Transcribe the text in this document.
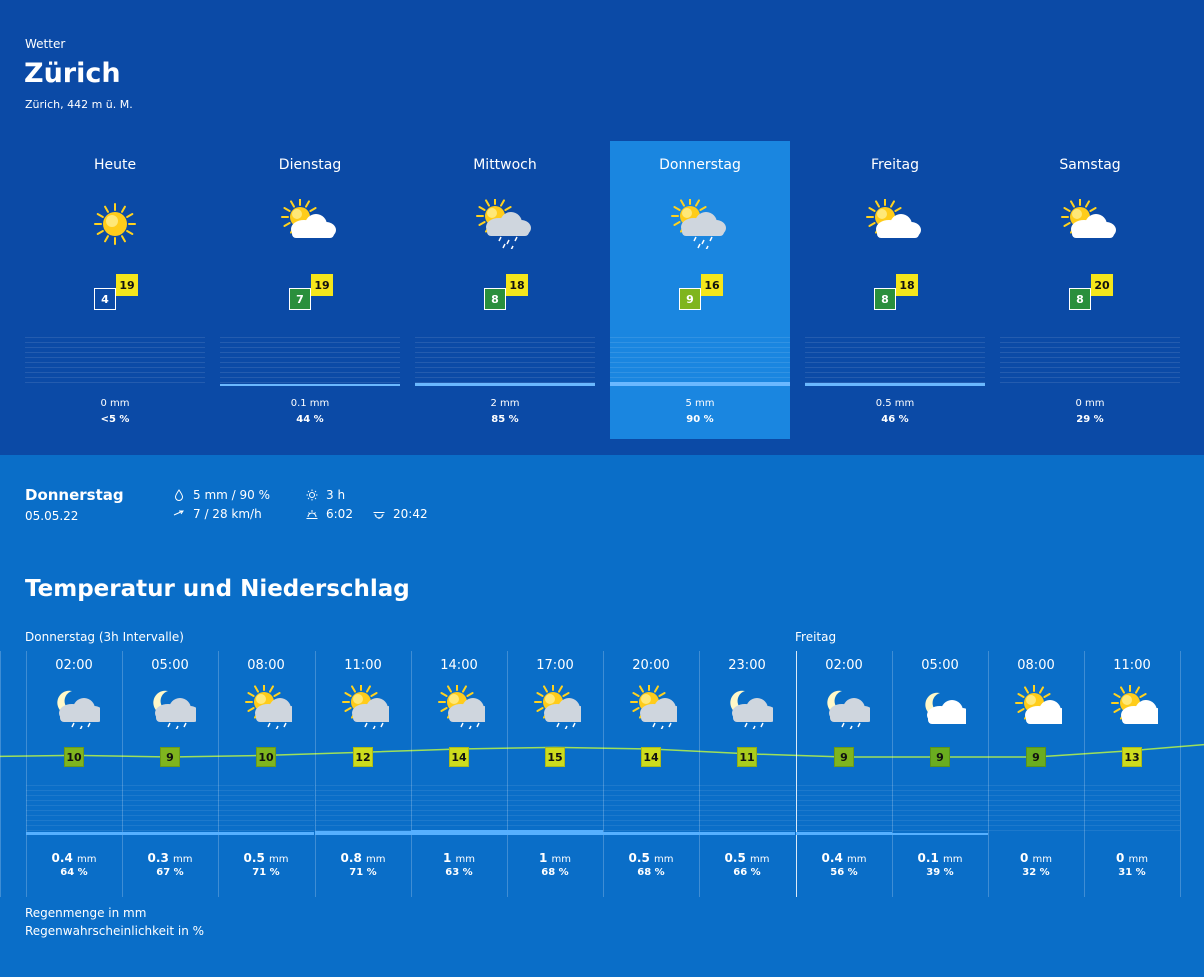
Wetter
Zürich
Zürich, 442 m ü. M.
Heute
19
4
0 mm
<5 %
Dienstag
19
7
0.1 mm
44 %
Mittwoch
18
8
2 mm
85 %
Donnerstag
16
9
5 mm
90 %
Freitag
18
8
0.5 mm
46 %
Samstag
20
8
0 mm
29 %
Donnerstag
05.05.22
5 mm / 90 %
7 / 28 km/h
3 h
6:02	20:42
Temperatur und Niederschlag
Donnerstag (3h Intervalle)	Freitag
02:00
10
0.4 mm
64 %
05:00
9
0.3 mm
67 %
08:00
10
0.5 mm
71 %
11:00
12
0.8 mm
71 %
14:00
14
1 mm
63 %
17:00
15
1 mm
68 %
20:00
14
0.5 mm
68 %
23:00
11
0.5 mm
66 %
02:00
9
0.4 mm
56 %
05:00
9
0.1 mm
39 %
08:00
9
0 mm
32 %
11:00
13
0 mm
31 %
Regenmenge in mm
Regenwahrscheinlichkeit in %
